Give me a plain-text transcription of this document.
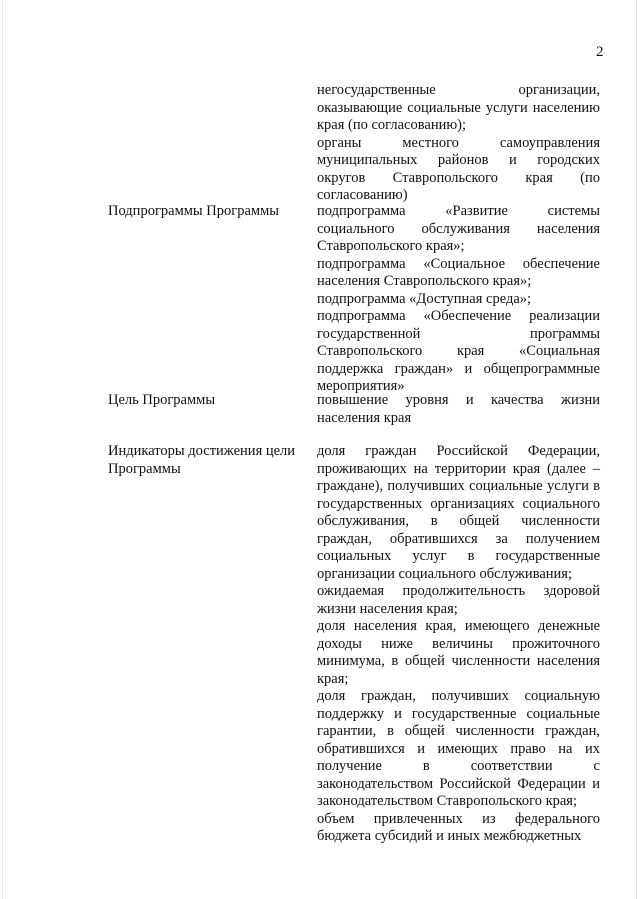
2

негосударственные организации, оказывающие социальные услуги населению края (по согласованию);

органы местного самоуправления муниципальных районов и городских округов Ставропольского края (по согласованию)

Подпрограммы Программы	подпрограмма «Развитие системы социального обслуживания населения Ставропольского края»;

подпрограмма «Социальное обеспечение населения Ставропольского края»;

подпрограмма «Доступная среда»;

подпрограмма «Обеспечение реализации государственной программы Ставропольского края «Социальная поддержка граждан» и общепрограммные мероприятия»

Цель Программы	повышение уровня и качества жизни населения края

Индикаторы достижения цели Программы

доля граждан Российской Федерации, проживающих на территории края (далее – граждане), получивших социальные услуги в государственных организациях социального обслуживания, в общей численности граждан, обратившихся за получением социальных услуг в государственные организации социального обслуживания;

ожидаемая продолжительность здоровой жизни населения края;

доля населения края, имеющего денежные доходы ниже величины прожиточного минимума, в общей численности населения края;

доля граждан, получивших социальную поддержку и государственные социальные гарантии, в общей численности граждан, обратившихся и имеющих право на их получение в соответствии с законодательством Российской Федерации и законодательством Ставропольского края;

объем привлеченных из федерального бюджета субсидий и иных межбюджетных
